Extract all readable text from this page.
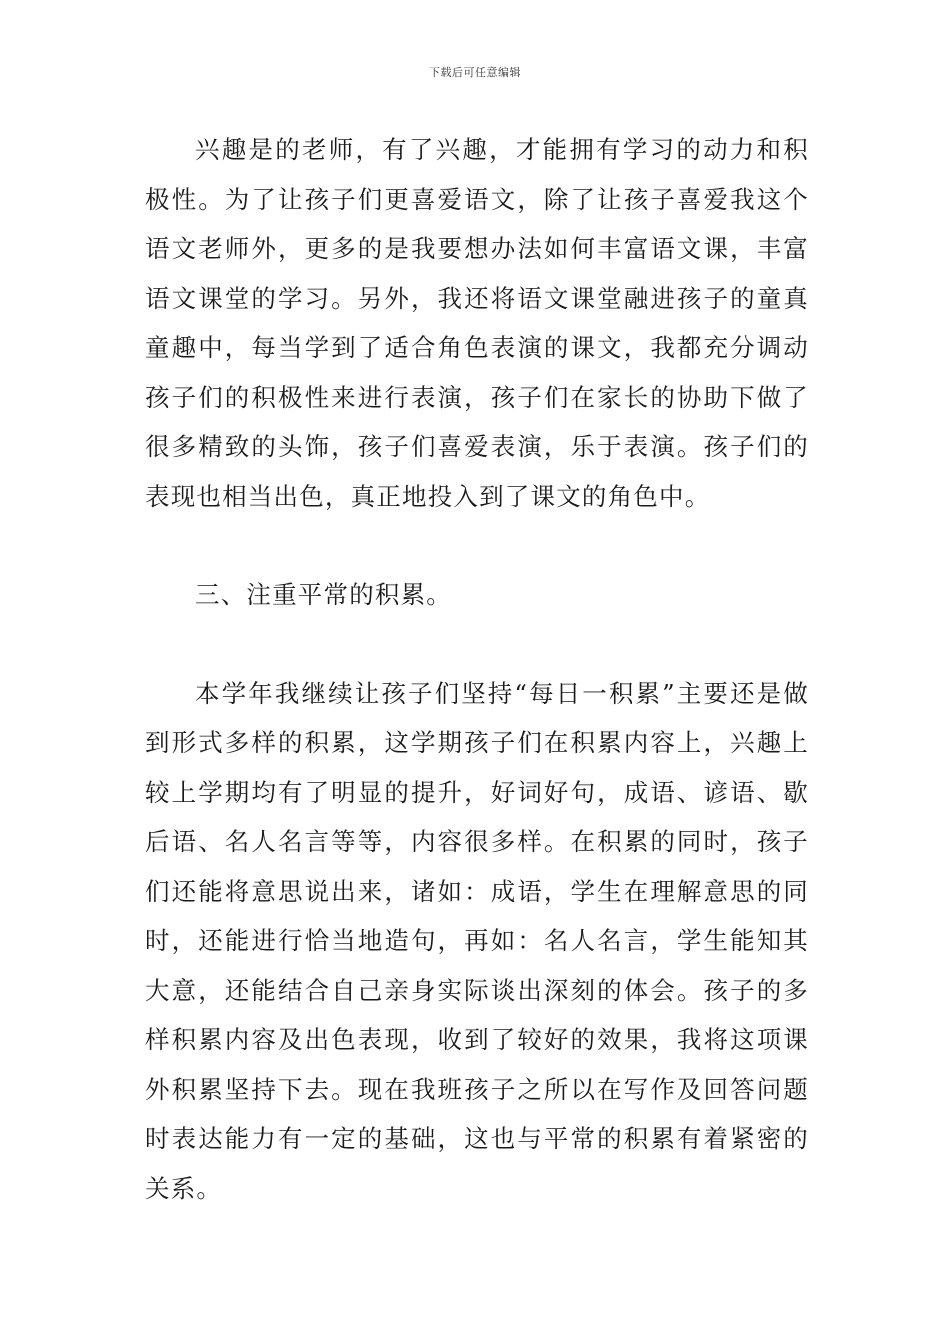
下载后可任意编辑

兴趣是的老师，有了兴趣，才能拥有学习的动力和积极性。为了让孩子们更喜爱语文，除了让孩子喜爱我这个语文老师外，更多的是我要想办法如何丰富语文课，丰富语文课堂的学习。另外，我还将语文课堂融进孩子的童真童趣中，每当学到了适合角色表演的课文，我都充分调动孩子们的积极性来进行表演，孩子们在家长的协助下做了很多精致的头饰，孩子们喜爱表演，乐于表演。孩子们的表现也相当出色，真正地投入到了课文的角色中。

三、注重平常的积累。

本学年我继续让孩子们坚持“每日一积累”主要还是做到形式多样的积累，这学期孩子们在积累内容上，兴趣上较上学期均有了明显的提升，好词好句，成语、谚语、歇后语、名人名言等等，内容很多样。在积累的同时，孩子们还能将意思说出来，诸如：成语，学生在理解意思的同时，还能进行恰当地造句，再如：名人名言，学生能知其大意，还能结合自己亲身实际谈出深刻的体会。孩子的多样积累内容及出色表现，收到了较好的效果，我将这项课外积累坚持下去。现在我班孩子之所以在写作及回答问题时表达能力有一定的基础，这也与平常的积累有着紧密的关系。
